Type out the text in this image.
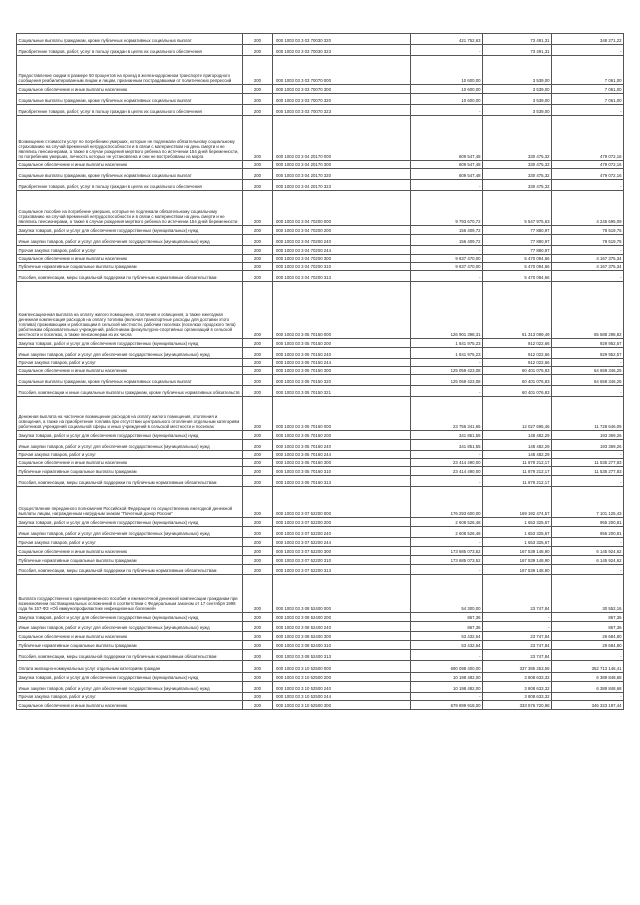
Социальные выплаты гражданам, кроме публичных нормативных социальных выплат	200	000 1003 03 3 03 70030 320	421 752,63	73 491,31	348 271,22
Приобретение товаров, работ, услуг в пользу граждан в целях их социального обеспечения	200	000 1003 03 3 03 70030 323	-	73 491,31	-
Предоставление скидки в размере 50 процентов на проезд в железнодорожном транспорте пригородного сообщения реабилитированным лицам и лицам, признанным пострадавшими от политических репрессий	200	000 1003 03 3 03 70070 000	10 600,00	3 539,00	7 061,00
Социальное обеспечение и иные выплаты населению	200	000 1003 03 3 03 70070 300	10 600,00	3 539,00	7 061,00
Социальные выплаты гражданам, кроме публичных нормативных социальных выплат	200	000 1003 03 3 03 70070 320	10 600,00	3 539,00	7 061,00
Приобретение товаров, работ, услуг в пользу граждан в целях их социального обеспечения	200	000 1003 03 3 03 70070 323	-	3 539,00	-
Возмещение стоимости услуг по погребению умерших, которые не подлежали обязательному социальному страхованию на случай временной нетрудоспособности и в связи с материнством на день смерти и не являлись пенсионерами, а также в случае рождения мертвого ребенка по истечении 154 дней беременности, по погребению умерших, личность которых не установлена и они не востребованы из морга	200	000 1003 03 3 04 20170 000	809 547,48	330 475,32	479 072,16
Социальное обеспечение и иные выплаты населению	200	000 1003 03 3 04 20170 300	809 547,48	330 475,32	479 072,16
Социальные выплаты гражданам, кроме публичных нормативных социальных выплат	200	000 1003 03 3 04 20170 320	809 547,48	330 475,32	479 072,16
Приобретение товаров, работ, услуг в пользу граждан в целях их социального обеспечения	200	000 1003 03 3 04 20170 323	-	330 475,32	-
Социальное пособие на погребение умерших, которые не подлежали обязательному социальному страхованию на случай временной нетрудоспособности и в связи с материнством на день смерти и не являлись пенсионерами, а также в случае рождения мертвого ребенка по истечении 154 дней беременности	200	000 1003 03 3 04 70200 000	9 793 670,72	5 547 975,63	4 245 695,09
Закупка товаров, работ и услуг для обеспечения государственных (муниципальных) нужд	200	000 1003 03 3 04 70200 200	156 409,72	77 880,97	78 519,75
Иные закупки товаров, работ и услуг для обеспечения государственных (муниципальных) нужд	200	000 1003 03 3 04 70200 240	156 409,72	77 880,97	78 519,75
Прочая закупка товаров, работ и услуг	200	000 1003 03 3 04 70200 244	-	77 880,97	-
Социальное обеспечение и иные выплаты населению	200	000 1003 03 3 04 70200 300	9 637 470,00	5 470 094,66	4 167 375,34
Публичные нормативные социальные выплаты гражданам	200	000 1003 03 3 04 70200 310	9 637 470,00	5 470 094,66	4 167 375,34
Пособия, компенсации, меры социальной поддержки по публичным нормативным обязательствам	200	000 1003 03 3 04 70200 313	-	5 470 094,66	-
Компенсационная выплата на оплату жилого помещения, отопления и освещения, а также ежегодная денежная компенсация расходов на оплату топлива (включая транспортные расходы для доставки этого топлива) проживающим и работающим в сельской местности, рабочим поселках (поселках городского типа) работникам образовательных учреждений, работникам физкультурно-спортивных организаций в сельской местности и поселках, а также пенсионерам из их числа	200	000 1003 03 3 05 70150 000	126 901 398,31	61 313 099,49	65 588 298,82
Закупка товаров, работ и услуг для обеспечения государственных (муниципальных) нужд	200	000 1003 03 3 05 70150 200	1 841 975,23	912 022,66	929 952,57
Иные закупки товаров, работ и услуг для обеспечения государственных (муниципальных) нужд	200	000 1003 03 3 05 70150 240	1 841 975,23	912 022,66	929 952,57
Прочая закупка товаров, работ и услуг	200	000 1003 03 3 05 70150 244	-	912 022,66	-
Социальное обеспечение и иные выплаты населению	200	000 1003 03 3 05 70150 300	125 059 423,08	60 401 076,83	64 658 346,25
Социальные выплаты гражданам, кроме публичных нормативных социальных выплат	200	000 1003 03 3 05 70150 320	125 059 423,08	60 401 076,83	64 658 346,25
Пособия, компенсации и иные социальные выплаты гражданам, кроме публичных нормативных обязательств	200	000 1003 03 3 05 70150 321	-	60 401 076,83	-
Денежная выплата на частичное возмещение расходов на оплату жилого помещения, отопления и освещения, а также на приобретение топлива при отсутствии центрального отопления отдельным категориям работников учреждений социальной сферы и иных учреждений в сельской местности и поселках	200	000 1003 03 3 05 70160 000	23 756 341,65	12 027 695,46	11 728 646,09
Закупка товаров, работ и услуг для обеспечения государственных (муниципальных) нужд	200	000 1003 03 3 05 70160 200	341 851,55	148 482,29	193 369,26
Иные закупки товаров, работ и услуг для обеспечения государственных (муниципальных) нужд	200	000 1003 03 3 05 70160 240	341 851,55	148 482,29	193 369,26
Прочая закупка товаров, работ и услуг	200	000 1003 03 3 05 70160 244	-	148 482,29	-
Социальное обеспечение и иные выплаты населению	200	000 1003 03 3 05 70160 300	23 414 490,00	11 879 212,17	11 535 277,83
Публичные нормативные социальные выплаты гражданам	200	000 1003 03 3 05 70160 310	23 414 490,00	11 879 212,17	11 535 277,83
Пособия, компенсации, меры социальной поддержки по публичным нормативным обязательствам	200	000 1003 03 3 05 70160 313	-	11 879 212,17	-
Осуществление переданного полномочия Российской Федерации по осуществлению ежегодной денежной выплаты лицам, награжденным нагрудным знаком "Почетный донор России"	200	000 1003 03 3 07 52200 000	176 293 600,00	169 192 474,57	7 101 125,43
Закупка товаров, работ и услуг для обеспечения государственных (муниципальных) нужд	200	000 1003 03 3 07 52200 200	2 608 526,48	1 653 325,67	955 200,81
Иные закупки товаров, работ и услуг для обеспечения государственных (муниципальных) нужд	200	000 1003 03 3 07 52200 240	2 608 526,48	1 653 325,67	955 200,81
Прочая закупка товаров, работ и услуг	200	000 1003 03 3 07 52200 244	-	1 653 325,67	-
Социальное обеспечение и иные выплаты населению	200	000 1003 03 3 07 52200 300	173 685 073,52	167 539 148,90	6 145 924,62
Публичные нормативные социальные выплаты гражданам	200	000 1003 03 3 07 52200 310	173 685 073,52	167 539 148,90	6 145 924,62
Пособия, компенсации, меры социальной поддержки по публичным нормативным обязательствам	200	000 1003 03 3 07 52200 313	-	167 539 148,90	-
Выплата государственного единовременного пособия и ежемесячной денежной компенсации гражданам при возникновении поствакцинальных осложнений в соответствии с Федеральным законом от 17 сентября 1998 года № 157-ФЗ «Об иммунопрофилактике инфекционных болезней»	200	000 1003 03 3 08 52400 000	54 300,00	23 747,84	30 552,16
Закупка товаров, работ и услуг для обеспечения государственных (муниципальных) нужд	200	000 1003 03 3 08 52400 200	867,36	-	867,36
Иные закупки товаров, работ и услуг для обеспечения государственных (муниципальных) нужд	200	000 1003 03 3 08 52400 240	867,36	-	867,36
Социальное обеспечение и иные выплаты населению	200	000 1003 03 3 08 52400 300	53 432,64	23 747,84	29 684,80
Публичные нормативные социальные выплаты гражданам	200	000 1003 03 3 08 52400 310	53 432,64	23 747,84	29 684,80
Пособия, компенсации, меры социальной поддержки по публичным нормативным обязательствам	200	000 1003 03 3 08 52400 313	-	23 747,84	-
Оплата жилищно-коммунальных услуг отдельным категориям граждан	200	000 1003 03 3 10 52500 000	690 098 400,00	337 385 253,59	352 713 146,41
Закупка товаров, работ и услуг для обеспечения государственных (муниципальных) нужд	200	000 1003 03 3 10 52500 200	10 198 482,00	3 808 633,32	6 389 848,68
Иные закупки товаров, работ и услуг для обеспечения государственных (муниципальных) нужд	200	000 1003 03 3 10 52500 240	10 198 482,00	3 808 633,32	6 389 848,68
Прочая закупка товаров, работ и услуг	200	000 1003 03 3 10 52500 244	-	3 808 633,32	-
Социальное обеспечение и иные выплаты населению	200	000 1003 03 3 10 52500 300	679 899 918,00	333 576 720,98	346 323 197,44
